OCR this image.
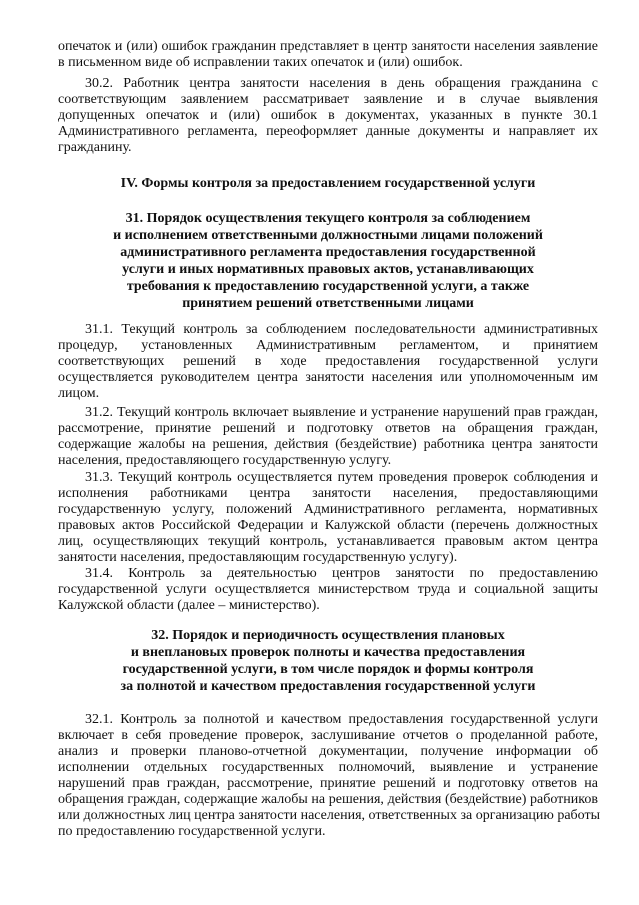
опечаток и (или) ошибок гражданин представляет в центр занятости населения заявление
в письменном виде об исправлении таких опечаток и (или) ошибок.
30.2. Работник центра занятости населения в день обращения гражданина с
соответствующим заявлением рассматривает заявление и в случае выявления
допущенных опечаток и (или) ошибок в документах, указанных в пункте 30.1
Административного регламента, переоформляет данные документы и направляет их
гражданину.

IV. Формы контроля за предоставлением государственной услуги

31. Порядок осуществления текущего контроля за соблюдением
и исполнением ответственными должностными лицами положений
административного регламента предоставления государственной
услуги и иных нормативных правовых актов, устанавливающих
требования к предоставлению государственной услуги, а также
принятием решений ответственными лицами
31.1. Текущий контроль за соблюдением последовательности административных
процедур, установленных Административным регламентом, и принятием
соответствующих решений в ходе предоставления государственной услуги
осуществляется руководителем центра занятости населения или уполномоченным им
лицом.
31.2. Текущий контроль включает выявление и устранение нарушений прав граждан,
рассмотрение, принятие решений и подготовку ответов на обращения граждан,
содержащие жалобы на решения, действия (бездействие) работника центра занятости
населения, предоставляющего государственную услугу.
31.3. Текущий контроль осуществляется путем проведения проверок соблюдения и
исполнения работниками центра занятости населения, предоставляющими
государственную услугу, положений Административного регламента, нормативных
правовых актов Российской Федерации и Калужской области (перечень должностных
лиц, осуществляющих текущий контроль, устанавливается правовым актом центра
занятости населения, предоставляющим государственную услугу).
31.4. Контроль за деятельностью центров занятости по предоставлению
государственной услуги осуществляется министерством труда и социальной защиты
Калужской области (далее – министерство).
32. Порядок и периодичность осуществления плановых
и внеплановых проверок полноты и качества предоставления
государственной услуги, в том числе порядок и формы контроля
за полнотой и качеством предоставления государственной услуги
32.1. Контроль за полнотой и качеством предоставления государственной услуги
включает в себя проведение проверок, заслушивание отчетов о проделанной работе,
анализ и проверки планово-отчетной документации, получение информации об
исполнении отдельных государственных полномочий, выявление и устранение
нарушений прав граждан, рассмотрение, принятие решений и подготовку ответов на
обращения граждан, содержащие жалобы на решения, действия (бездействие) работников
или должностных лиц центра занятости населения, ответственных за организацию работы
по предоставлению государственной услуги.
